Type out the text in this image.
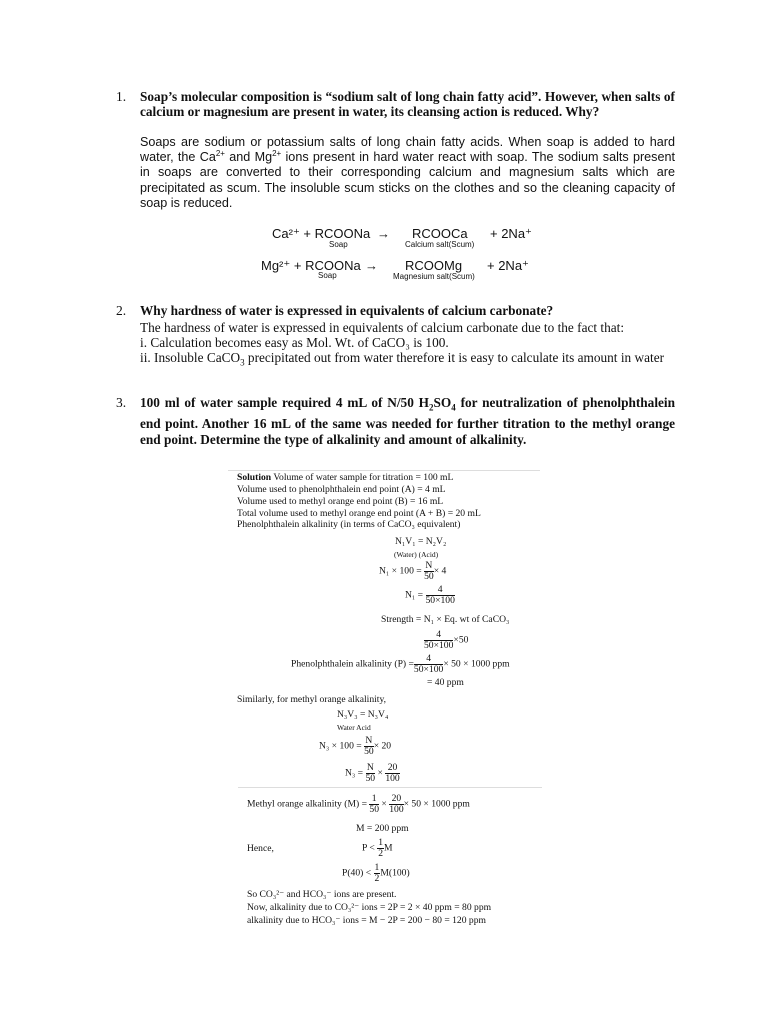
1. Soap’s molecular composition is “sodium salt of long chain fatty acid”. However, when salts of calcium or magnesium are present in water, its cleansing action is reduced. Why?
Soaps are sodium or potassium salts of long chain fatty acids. When soap is added to hard water, the $Ca^{2+}$ and $Mg^{2+}$ ions present in hard water react with soap. The sodium salts present in soaps are converted to their corresponding calcium and magnesium salts which are precipitated as scum. The insoluble scum sticks on the clothes and so the cleaning capacity of soap is reduced.
Ca²⁺ + RCOONa → RCOOCa + 2Na⁺
Soap	Calcium salt(Scum)
Mg²⁺ + RCOONa → RCOOMg + 2Na⁺
Soap	Magnesium salt(Scum)
2. Why hardness of water is expressed in equivalents of calcium carbonate?
The hardness of water is expressed in equivalents of calcium carbonate due to the fact that:
i. Calculation becomes easy as Mol. Wt. of CaCO₃ is 100.
ii. Insoluble CaCO$_3$ precipitated out from water therefore it is easy to calculate its amount in water
3. 100 ml of water sample required 4 mL of N/50 $H_2SO_4$ for neutralization of phenolphthalein end point. Another 16 mL of the same was needed for further titration to the methyl orange end point. Determine the type of alkalinity and amount of alkalinity.
Solution Volume of water sample for titration = 100 mL
Volume used to phenolphthalein end point (A) = 4 mL
Volume used to methyl orange end point (B) = 16 mL
Total volume used to methyl orange end point (A + B) = 20 mL
Phenolphthalein alkalinity (in terms of CaCO₃ equivalent)
N₁V₁ = N₂V₂
(Water) (Acid)
$N_1 \times 100 = \frac{N}{50} \times 4$
$N_1 = \frac{4}{50\times 100}$
Strength = N₁ × Eq. wt of CaCO₃
$\frac{4}{50\times 100} \times 50$
Phenolphthalein alkalinity $(P) = \frac{4}{50\times 100} \times 50 \times 1000$ ppm
= 40 ppm
Similarly, for methyl orange alkalinity,
N₃V₃ = N₃V₄
Water Acid
$N_3 \times 100 = \frac{N}{50} \times 20$
$N_3 = \frac{N}{50} \times \frac{20}{100}$
Methyl orange alkalinity $(M) = \frac{1}{50} \times \frac{20}{100} \times 50 \times 1000$ ppm
M = 200 ppm
Hence,	$P < \frac{1}{2}$ M
$P(40) < \frac{1}{2} M(100)$
So CO₃²⁻ and HCO₃⁻ ions are present.
Now, alkalinity due to CO₃²⁻ ions = 2P = 2 × 40 ppm = 80 ppm
alkalinity due to HCO₃⁻ ions = M − 2P = 200 − 80 = 120 ppm
